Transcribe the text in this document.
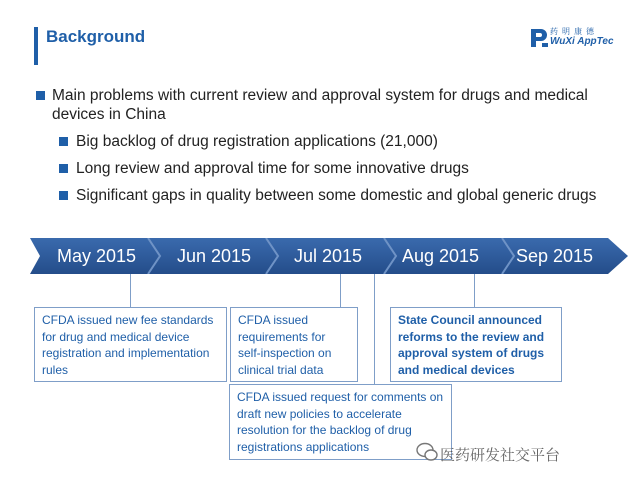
Background	药明康德
WuXi AppTec
Main problems with current review and approval system for drugs and medical devices in China
Big backlog of drug registration applications (21,000)
Long review and approval time for some innovative drugs
Significant gaps in quality between some domestic and global generic drugs
May 2015 Jun 2015 Jul 2015 Aug 2015 Sep 2015
CFDA issued new fee standards for drug and medical device registration and implementation rules
CFDA issued requirements for self-inspection on clinical trial data
CFDA issued request for comments on draft new policies to accelerate resolution for the backlog of drug registrations applications
State Council announced reforms to the review and approval system of drugs and medical devices
医药研发社交平台
